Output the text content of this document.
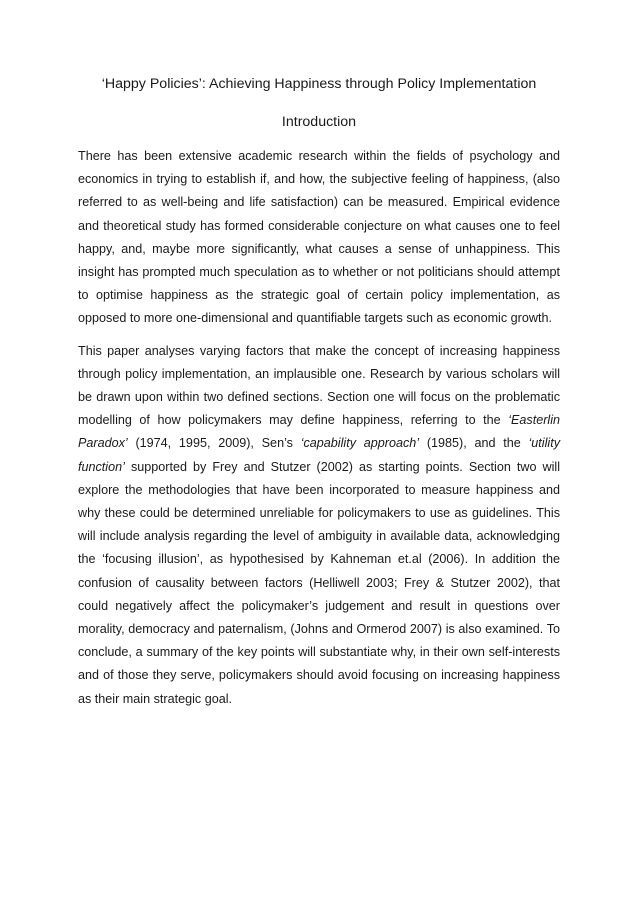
‘Happy Policies’: Achieving Happiness through Policy Implementation
Introduction

There has been extensive academic research within the fields of psychology and economics in trying to establish if, and how, the subjective feeling of happiness, (also referred to as well-being and life satisfaction) can be measured. Empirical evidence and theoretical study has formed considerable conjecture on what causes one to feel happy, and, maybe more significantly, what causes a sense of unhappiness. This insight has prompted much speculation as to whether or not politicians should attempt to optimise happiness as the strategic goal of certain policy implementation, as opposed to more one-dimensional and quantifiable targets such as economic growth.

This paper analyses varying factors that make the concept of increasing happiness through policy implementation, an implausible one. Research by various scholars will be drawn upon within two defined sections. Section one will focus on the problematic modelling of how policymakers may define happiness, referring to the ‘Easterlin Paradox’ (1974, 1995, 2009), Sen’s ‘capability approach’ (1985), and the ‘utility function’ supported by Frey and Stutzer (2002) as starting points. Section two will explore the methodologies that have been incorporated to measure happiness and why these could be determined unreliable for policymakers to use as guidelines. This will include analysis regarding the level of ambiguity in available data, acknowledging the ‘focusing illusion’, as hypothesised by Kahneman et.al (2006). In addition the confusion of causality between factors (Helliwell 2003; Frey & Stutzer 2002), that could negatively affect the policymaker’s judgement and result in questions over morality, democracy and paternalism, (Johns and Ormerod 2007) is also examined. To conclude, a summary of the key points will substantiate why, in their own self-interests and of those they serve, policymakers should avoid focusing on increasing happiness as their main strategic goal.
